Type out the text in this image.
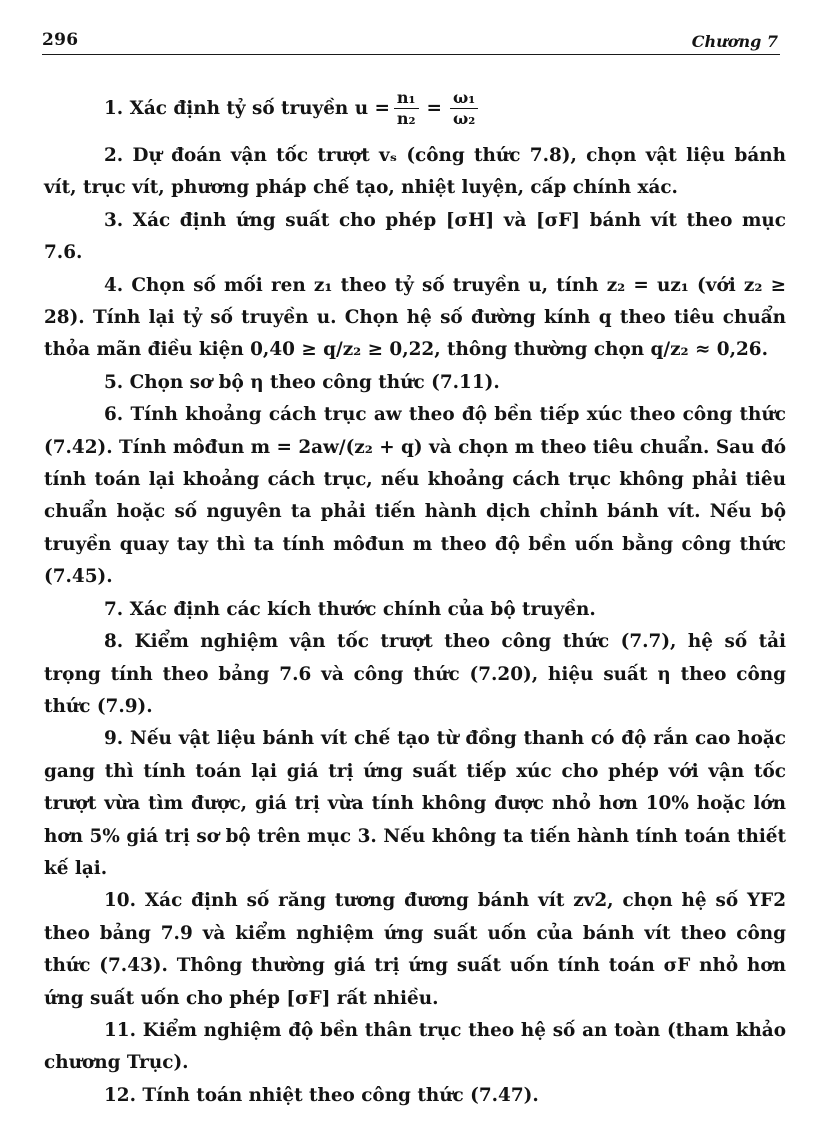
296	Chương 7
1. Xác định tỷ số truyền $u = \frac{\text{n₁}}{\text{n₂}} = \frac{\text{ω₁}}{\text{ω₂}}$

2. Dự đoán vận tốc trượt vₛ (công thức 7.8), chọn vật liệu bánh vít, trục vít, phương pháp chế tạo, nhiệt luyện, cấp chính xác.

3. Xác định ứng suất cho phép [σH] và [σF] bánh vít theo mục 7.6.

4. Chọn số mối ren z₁ theo tỷ số truyền u, tính z₂ = uz₁ (với z₂ ≥ 28). Tính lại tỷ số truyền u. Chọn hệ số đường kính q theo tiêu chuẩn thỏa mãn điều kiện 0,40 ≥ q/z₂ ≥ 0,22, thông thường chọn q/z₂ ≈ 0,26.

5. Chọn sơ bộ η theo công thức (7.11).

6. Tính khoảng cách trục aw theo độ bền tiếp xúc theo công thức (7.42). Tính môđun m = 2aw/(z₂ + q) và chọn m theo tiêu chuẩn. Sau đó tính toán lại khoảng cách trục, nếu khoảng cách trục không phải tiêu chuẩn hoặc số nguyên ta phải tiến hành dịch chỉnh bánh vít. Nếu bộ truyền quay tay thì ta tính môđun m theo độ bền uốn bằng công thức (7.45).

7. Xác định các kích thước chính của bộ truyền.

8. Kiểm nghiệm vận tốc trượt theo công thức (7.7), hệ số tải trọng tính theo bảng 7.6 và công thức (7.20), hiệu suất η theo công thức (7.9).

9. Nếu vật liệu bánh vít chế tạo từ đồng thanh có độ rắn cao hoặc gang thì tính toán lại giá trị ứng suất tiếp xúc cho phép với vận tốc trượt vừa tìm được, giá trị vừa tính không được nhỏ hơn 10% hoặc lớn hơn 5% giá trị sơ bộ trên mục 3. Nếu không ta tiến hành tính toán thiết kế lại.

10. Xác định số răng tương đương bánh vít zv2, chọn hệ số YF2 theo bảng 7.9 và kiểm nghiệm ứng suất uốn của bánh vít theo công thức (7.43). Thông thường giá trị ứng suất uốn tính toán σF nhỏ hơn ứng suất uốn cho phép [σF] rất nhiều.

11. Kiểm nghiệm độ bền thân trục theo hệ số an toàn (tham khảo chương Trục).

12. Tính toán nhiệt theo công thức (7.47).
